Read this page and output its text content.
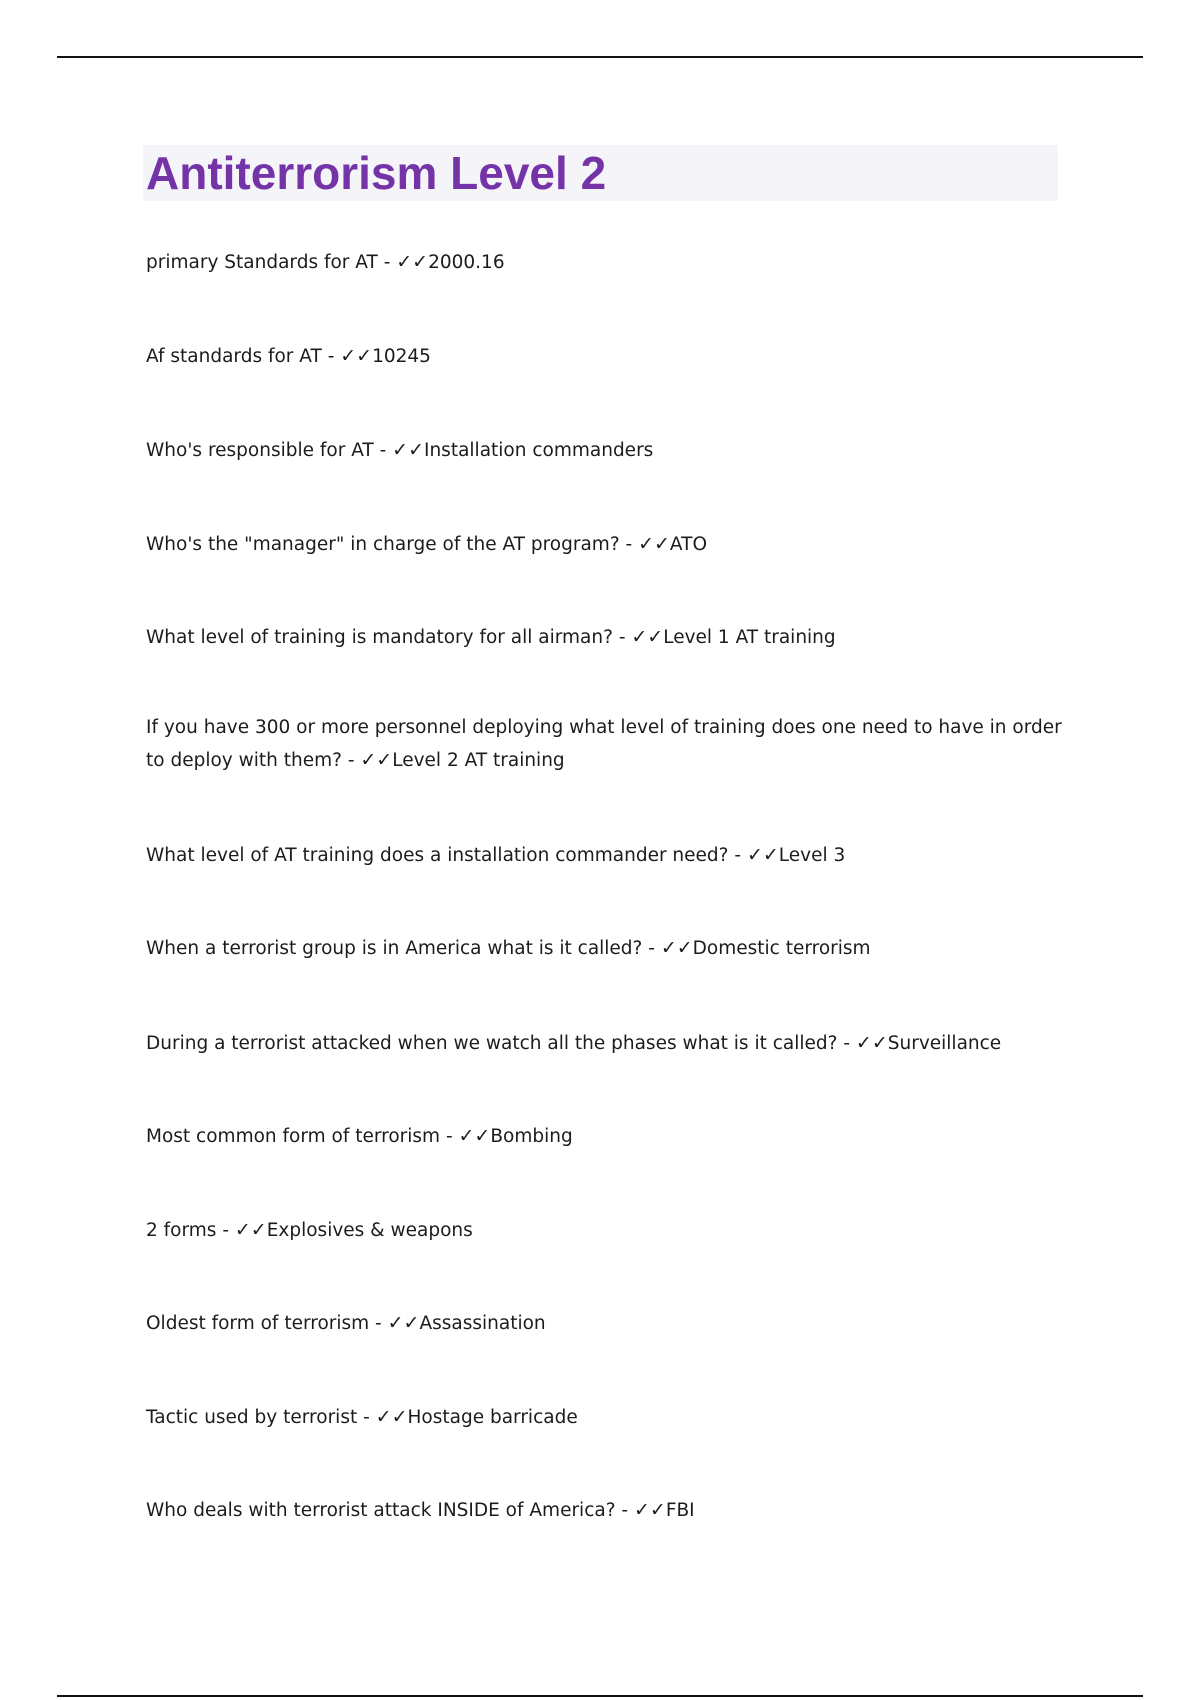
Antiterrorism Level 2

primary Standards for AT - ✓✓2000.16

Af standards for AT - ✓✓10245

Who's responsible for AT - ✓✓Installation commanders

Who's the "manager" in charge of the AT program? - ✓✓ATO

What level of training is mandatory for all airman? - ✓✓Level 1 AT training

If you have 300 or more personnel deploying what level of training does one need to have in order to deploy with them? - ✓✓Level 2 AT training

What level of AT training does a installation commander need? - ✓✓Level 3

When a terrorist group is in America what is it called? - ✓✓Domestic terrorism

During a terrorist attacked when we watch all the phases what is it called? - ✓✓Surveillance

Most common form of terrorism - ✓✓Bombing

2 forms - ✓✓Explosives & weapons

Oldest form of terrorism - ✓✓Assassination

Tactic used by terrorist - ✓✓Hostage barricade

Who deals with terrorist attack INSIDE of America? - ✓✓FBI
